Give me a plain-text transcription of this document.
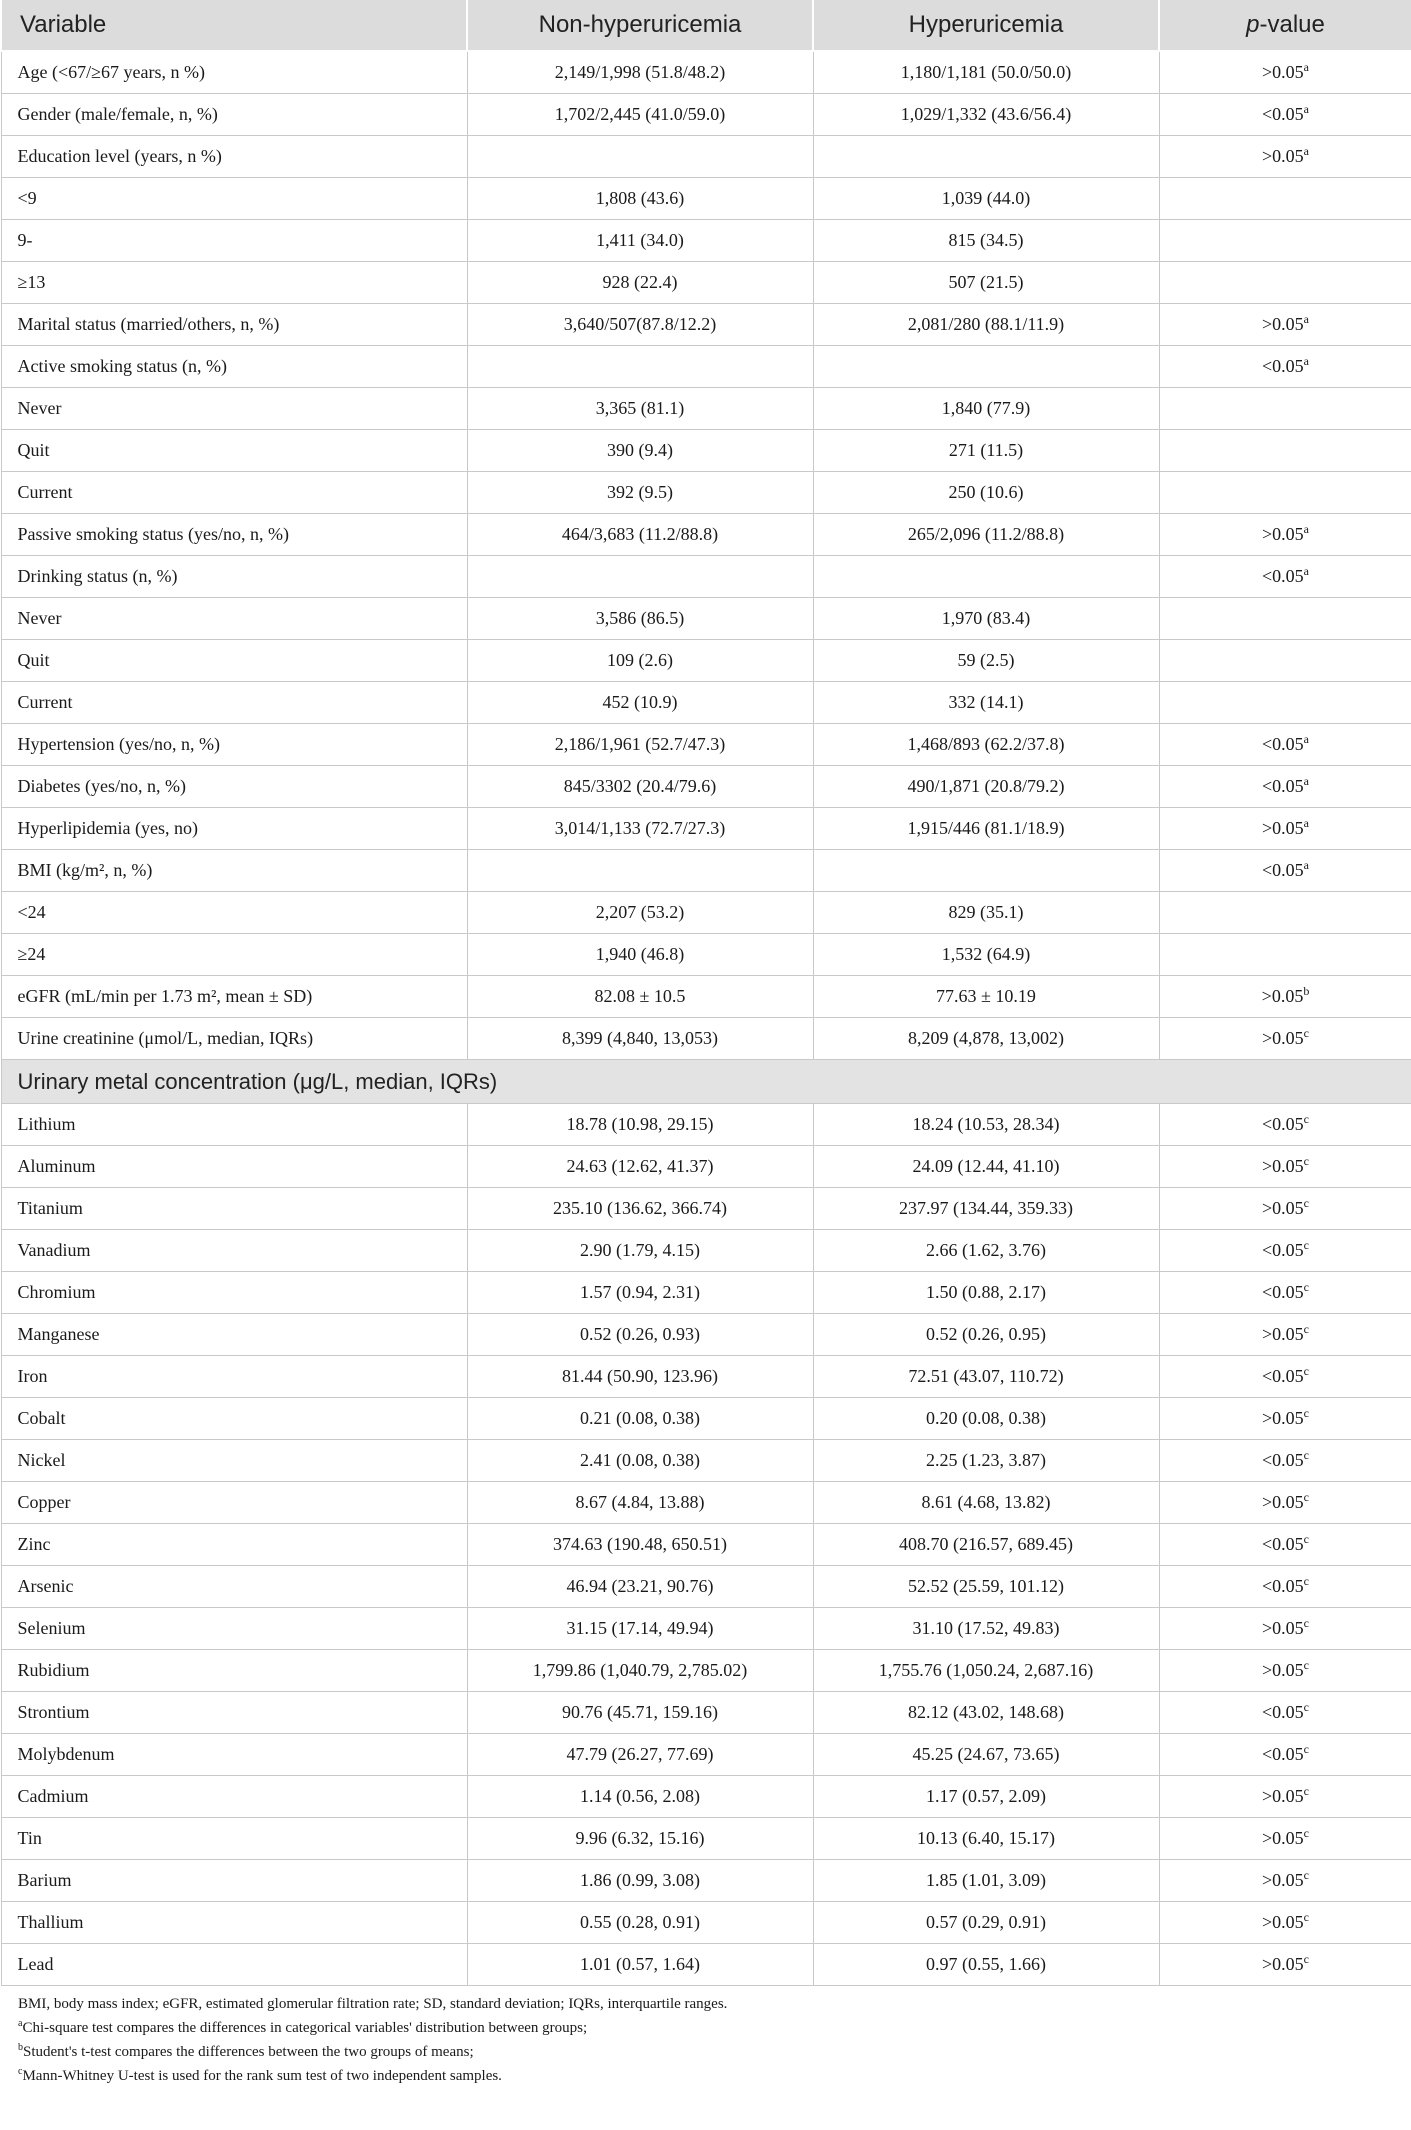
Variable	Non-hyperuricemia	Hyperuricemia	p-value
Age (<67/≥67 years, n %)	2,149/1,998 (51.8/48.2)	1,180/1,181 (50.0/50.0)	>0.05$^a$
Gender (male/female, n, %)	1,702/2,445 (41.0/59.0)	1,029/1,332 (43.6/56.4)	<0.05$^a$
Education level (years, n %)			>0.05$^a$
<9	1,808 (43.6)	1,039 (44.0)	
9-	1,411 (34.0)	815 (34.5)	
≥13	928 (22.4)	507 (21.5)	
Marital status (married/others, n, %)	3,640/507(87.8/12.2)	2,081/280 (88.1/11.9)	>0.05$^a$
Active smoking status (n, %)			<0.05$^a$
Never	3,365 (81.1)	1,840 (77.9)	
Quit	390 (9.4)	271 (11.5)	
Current	392 (9.5)	250 (10.6)	
Passive smoking status (yes/no, n, %)	464/3,683 (11.2/88.8)	265/2,096 (11.2/88.8)	>0.05$^a$
Drinking status (n, %)			<0.05$^a$
Never	3,586 (86.5)	1,970 (83.4)	
Quit	109 (2.6)	59 (2.5)	
Current	452 (10.9)	332 (14.1)	
Hypertension (yes/no, n, %)	2,186/1,961 (52.7/47.3)	1,468/893 (62.2/37.8)	<0.05$^a$
Diabetes (yes/no, n, %)	845/3302 (20.4/79.6)	490/1,871 (20.8/79.2)	<0.05$^a$
Hyperlipidemia (yes, no)	3,014/1,133 (72.7/27.3)	1,915/446 (81.1/18.9)	>0.05$^a$
BMI (kg/m², n, %)			<0.05$^a$
<24	2,207 (53.2)	829 (35.1)	
≥24	1,940 (46.8)	1,532 (64.9)	
eGFR (mL/min per 1.73 m², mean ± SD)	82.08 ± 10.5	77.63 ± 10.19	>0.05$^b$
Urine creatinine (μmol/L, median, IQRs)	8,399 (4,840, 13,053)	8,209 (4,878, 13,002)	>0.05$^c$
Urinary metal concentration (μg/L, median, IQRs)			
Lithium	18.78 (10.98, 29.15)	18.24 (10.53, 28.34)	<0.05$^c$
Aluminum	24.63 (12.62, 41.37)	24.09 (12.44, 41.10)	>0.05$^c$
Titanium	235.10 (136.62, 366.74)	237.97 (134.44, 359.33)	>0.05$^c$
Vanadium	2.90 (1.79, 4.15)	2.66 (1.62, 3.76)	<0.05$^c$
Chromium	1.57 (0.94, 2.31)	1.50 (0.88, 2.17)	<0.05$^c$
Manganese	0.52 (0.26, 0.93)	0.52 (0.26, 0.95)	>0.05$^c$
Iron	81.44 (50.90, 123.96)	72.51 (43.07, 110.72)	<0.05$^c$
Cobalt	0.21 (0.08, 0.38)	0.20 (0.08, 0.38)	>0.05$^c$
Nickel	2.41 (0.08, 0.38)	2.25 (1.23, 3.87)	<0.05$^c$
Copper	8.67 (4.84, 13.88)	8.61 (4.68, 13.82)	>0.05$^c$
Zinc	374.63 (190.48, 650.51)	408.70 (216.57, 689.45)	<0.05$^c$
Arsenic	46.94 (23.21, 90.76)	52.52 (25.59, 101.12)	<0.05$^c$
Selenium	31.15 (17.14, 49.94)	31.10 (17.52, 49.83)	>0.05$^c$
Rubidium	1,799.86 (1,040.79, 2,785.02)	1,755.76 (1,050.24, 2,687.16)	>0.05$^c$
Strontium	90.76 (45.71, 159.16)	82.12 (43.02, 148.68)	<0.05$^c$
Molybdenum	47.79 (26.27, 77.69)	45.25 (24.67, 73.65)	<0.05$^c$
Cadmium	1.14 (0.56, 2.08)	1.17 (0.57, 2.09)	>0.05$^c$
Tin	9.96 (6.32, 15.16)	10.13 (6.40, 15.17)	>0.05$^c$
Barium	1.86 (0.99, 3.08)	1.85 (1.01, 3.09)	>0.05$^c$
Thallium	0.55 (0.28, 0.91)	0.57 (0.29, 0.91)	>0.05$^c$
Lead	1.01 (0.57, 1.64)	0.97 (0.55, 1.66)	>0.05$^c$
BMI, body mass index; eGFR, estimated glomerular filtration rate; SD, standard deviation; IQRs, interquartile ranges.
$^a$Chi-square test compares the differences in categorical variables' distribution between groups;
$^b$Student's t-test compares the differences between the two groups of means;
$^c$Mann-Whitney U-test is used for the rank sum test of two independent samples.
